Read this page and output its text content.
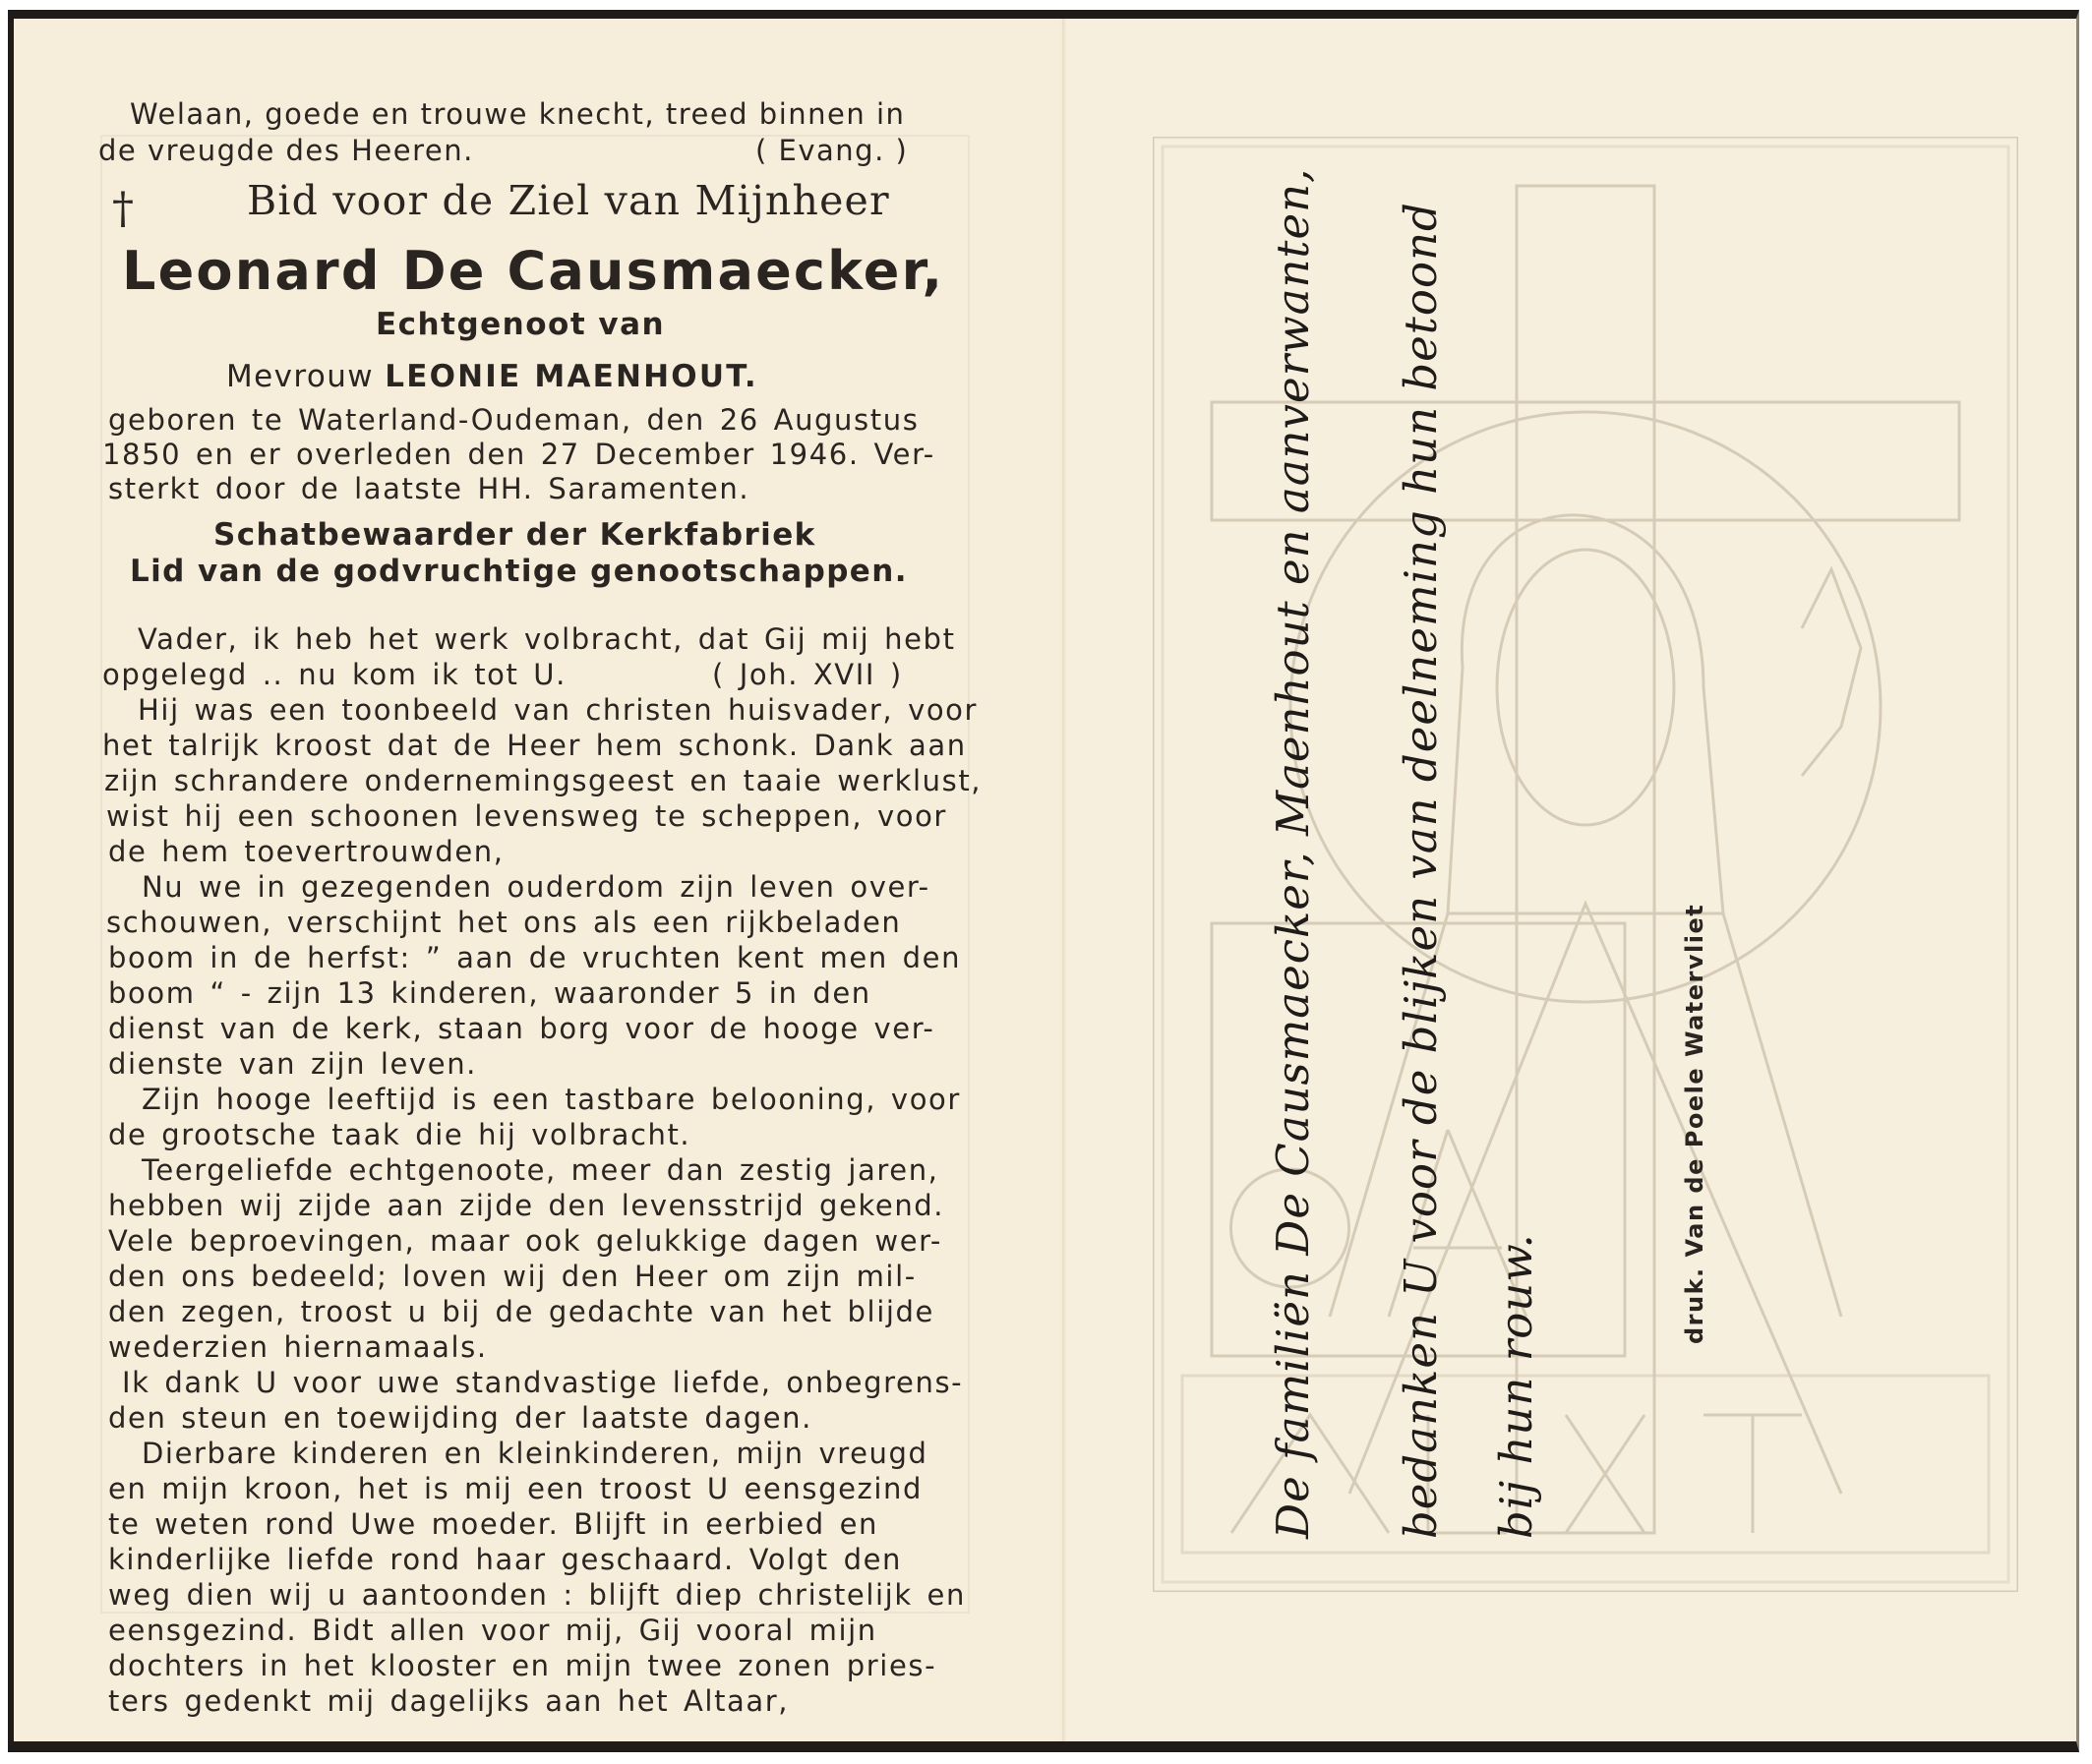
Welaan, goede en trouwe knecht, treed binnen in
de vreugde des Heeren.	( Evang. )
†	Bid voor de Ziel van Mijnheer
Leonard De Causmaecker,
Echtgenoot van
Mevrouw LEONIE MAENHOUT.
geboren te Waterland-Oudeman, den 26 Augustus
1850 en er overleden den 27 December 1946. Ver-
sterkt door de laatste HH. Saramenten.
Schatbewaarder der Kerkfabriek
Lid van de godvruchtige genootschappen.
Vader, ik heb het werk volbracht, dat Gij mij hebt
opgelegd .. nu kom ik tot U.	( Joh. XVII )
Hij was een toonbeeld van christen huisvader, voor
het talrijk kroost dat de Heer hem schonk. Dank aan
zijn schrandere ondernemingsgeest en taaie werklust,
wist hij een schoonen levensweg te scheppen, voor
de hem toevertrouwden,
Nu we in gezegenden ouderdom zijn leven over-
schouwen, verschijnt het ons als een rijkbeladen
boom in de herfst: ” aan de vruchten kent men den
boom “ - zijn 13 kinderen, waaronder 5 in den
dienst van de kerk, staan borg voor de hooge ver-
dienste van zijn leven.
Zijn hooge leeftijd is een tastbare belooning, voor
de grootsche taak die hij volbracht.
Teergeliefde echtgenoote, meer dan zestig jaren,
hebben wij zijde aan zijde den levensstrijd gekend.
Vele beproevingen, maar ook gelukkige dagen wer-
den ons bedeeld; loven wij den Heer om zijn mil-
den zegen, troost u bij de gedachte van het blijde
wederzien hiernamaals.
Ik dank U voor uwe standvastige liefde, onbegrens-
den steun en toewijding der laatste dagen.
Dierbare kinderen en kleinkinderen, mijn vreugd
en mijn kroon, het is mij een troost U eensgezind
te weten rond Uwe moeder. Blijft in eerbied en
kinderlijke liefde rond haar geschaard. Volgt den
weg dien wij u aantoonden : blijft diep christelijk en
eensgezind. Bidt allen voor mij, Gij vooral mijn
dochters in het klooster en mijn twee zonen pries-
ters gedenkt mij dagelijks aan het Altaar,
De familiën De Causmaecker, Maenhout en aanverwanten, bedanken U voor de blijken van deelneming hun betoond bij hun rouw.
druk. Van de Poele Watervliet
